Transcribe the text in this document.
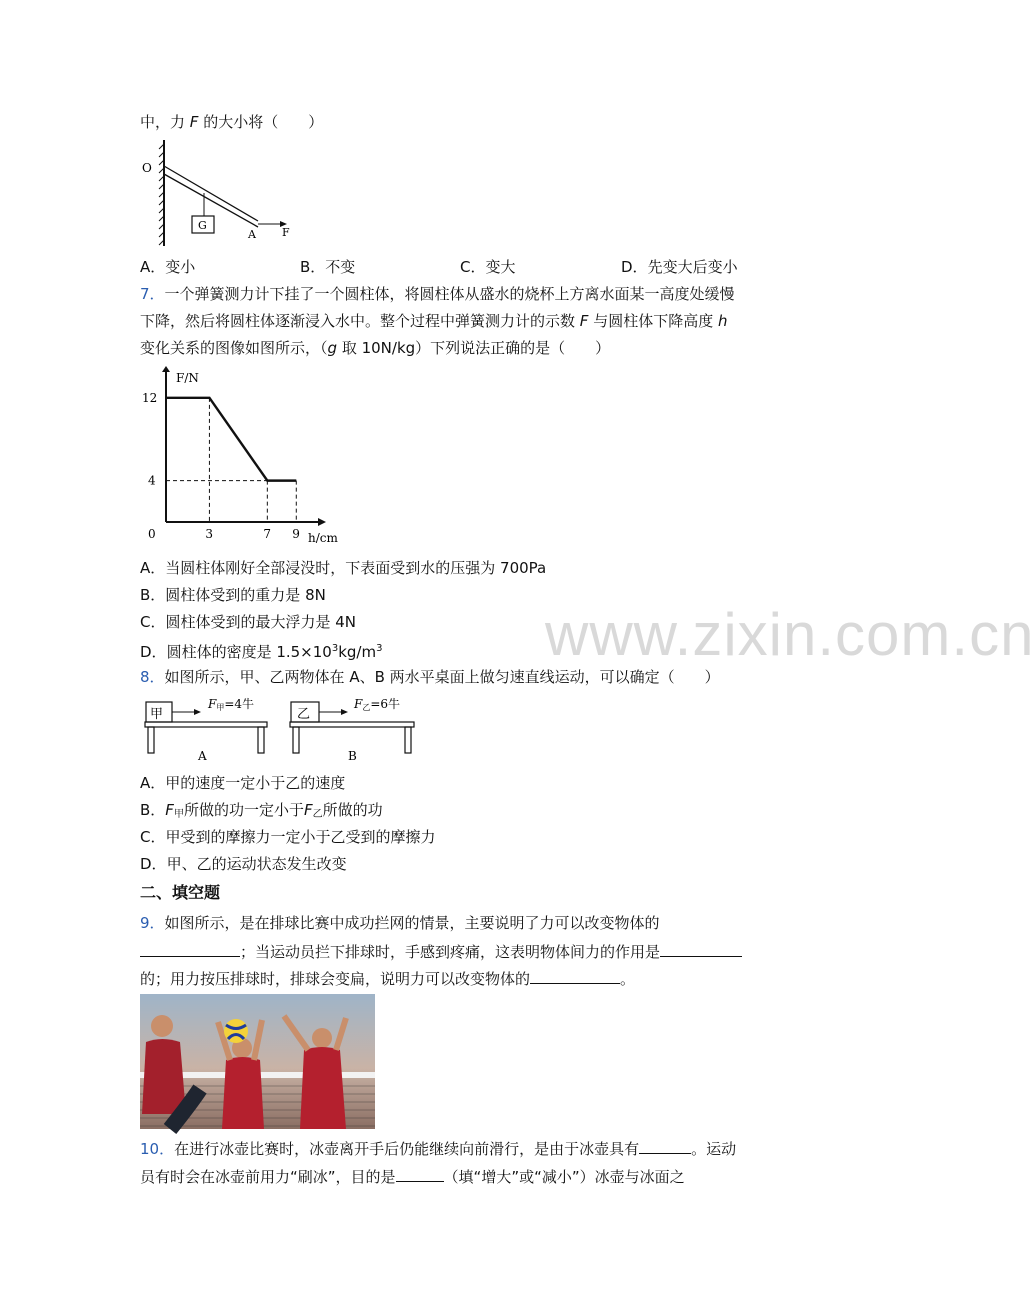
中，力 F 的大小将（　　）
O
G
A F
A．变小	B．不变	C．变大	D．先变大后变小
7．一个弹簧测力计下挂了一个圆柱体，将圆柱体从盛水的烧杯上方离水面某一高度处缓慢
下降，然后将圆柱体逐渐浸入水中。整个过程中弹簧测力计的示数 F 与圆柱体下降高度 h
变化关系的图像如图所示，（g 取 10N/kg）下列说法正确的是（　　）
F/N
h/cm
0	3	7 9
4
12
A．当圆柱体刚好全部浸没时，下表面受到水的压强为 700Pa
B．圆柱体受到的重力是 8N
C．圆柱体受到的最大浮力是 4N
D．圆柱体的密度是 $1.5\times 10^3kg/m^3$	www.zixin.com.cn
8．如图所示，甲、乙两物体在 A、B 两水平桌面上做匀速直线运动，可以确定（　　）
甲
F甲=4牛
A
乙
F乙=6牛
B
A．甲的速度一定小于乙的速度
B．$F_甲$所做的功一定小于$F_乙$所做的功
C．甲受到的摩擦力一定小于乙受到的摩擦力
D．甲、乙的运动状态发生改变
二、填空题
9．如图所示，是在排球比赛中成功拦网的情景，主要说明了力可以改变物体的
；当运动员拦下排球时，手感到疼痛，这表明物体间力的作用是
的；用力按压排球时，排球会变扁，说明力可以改变物体的	。
10．在进行冰壶比赛时，冰壶离开手后仍能继续向前滑行，是由于冰壶具有	。运动
员有时会在冰壶前用力“刷冰”，目的是	（填“增大”或“减小”）冰壶与冰面之
